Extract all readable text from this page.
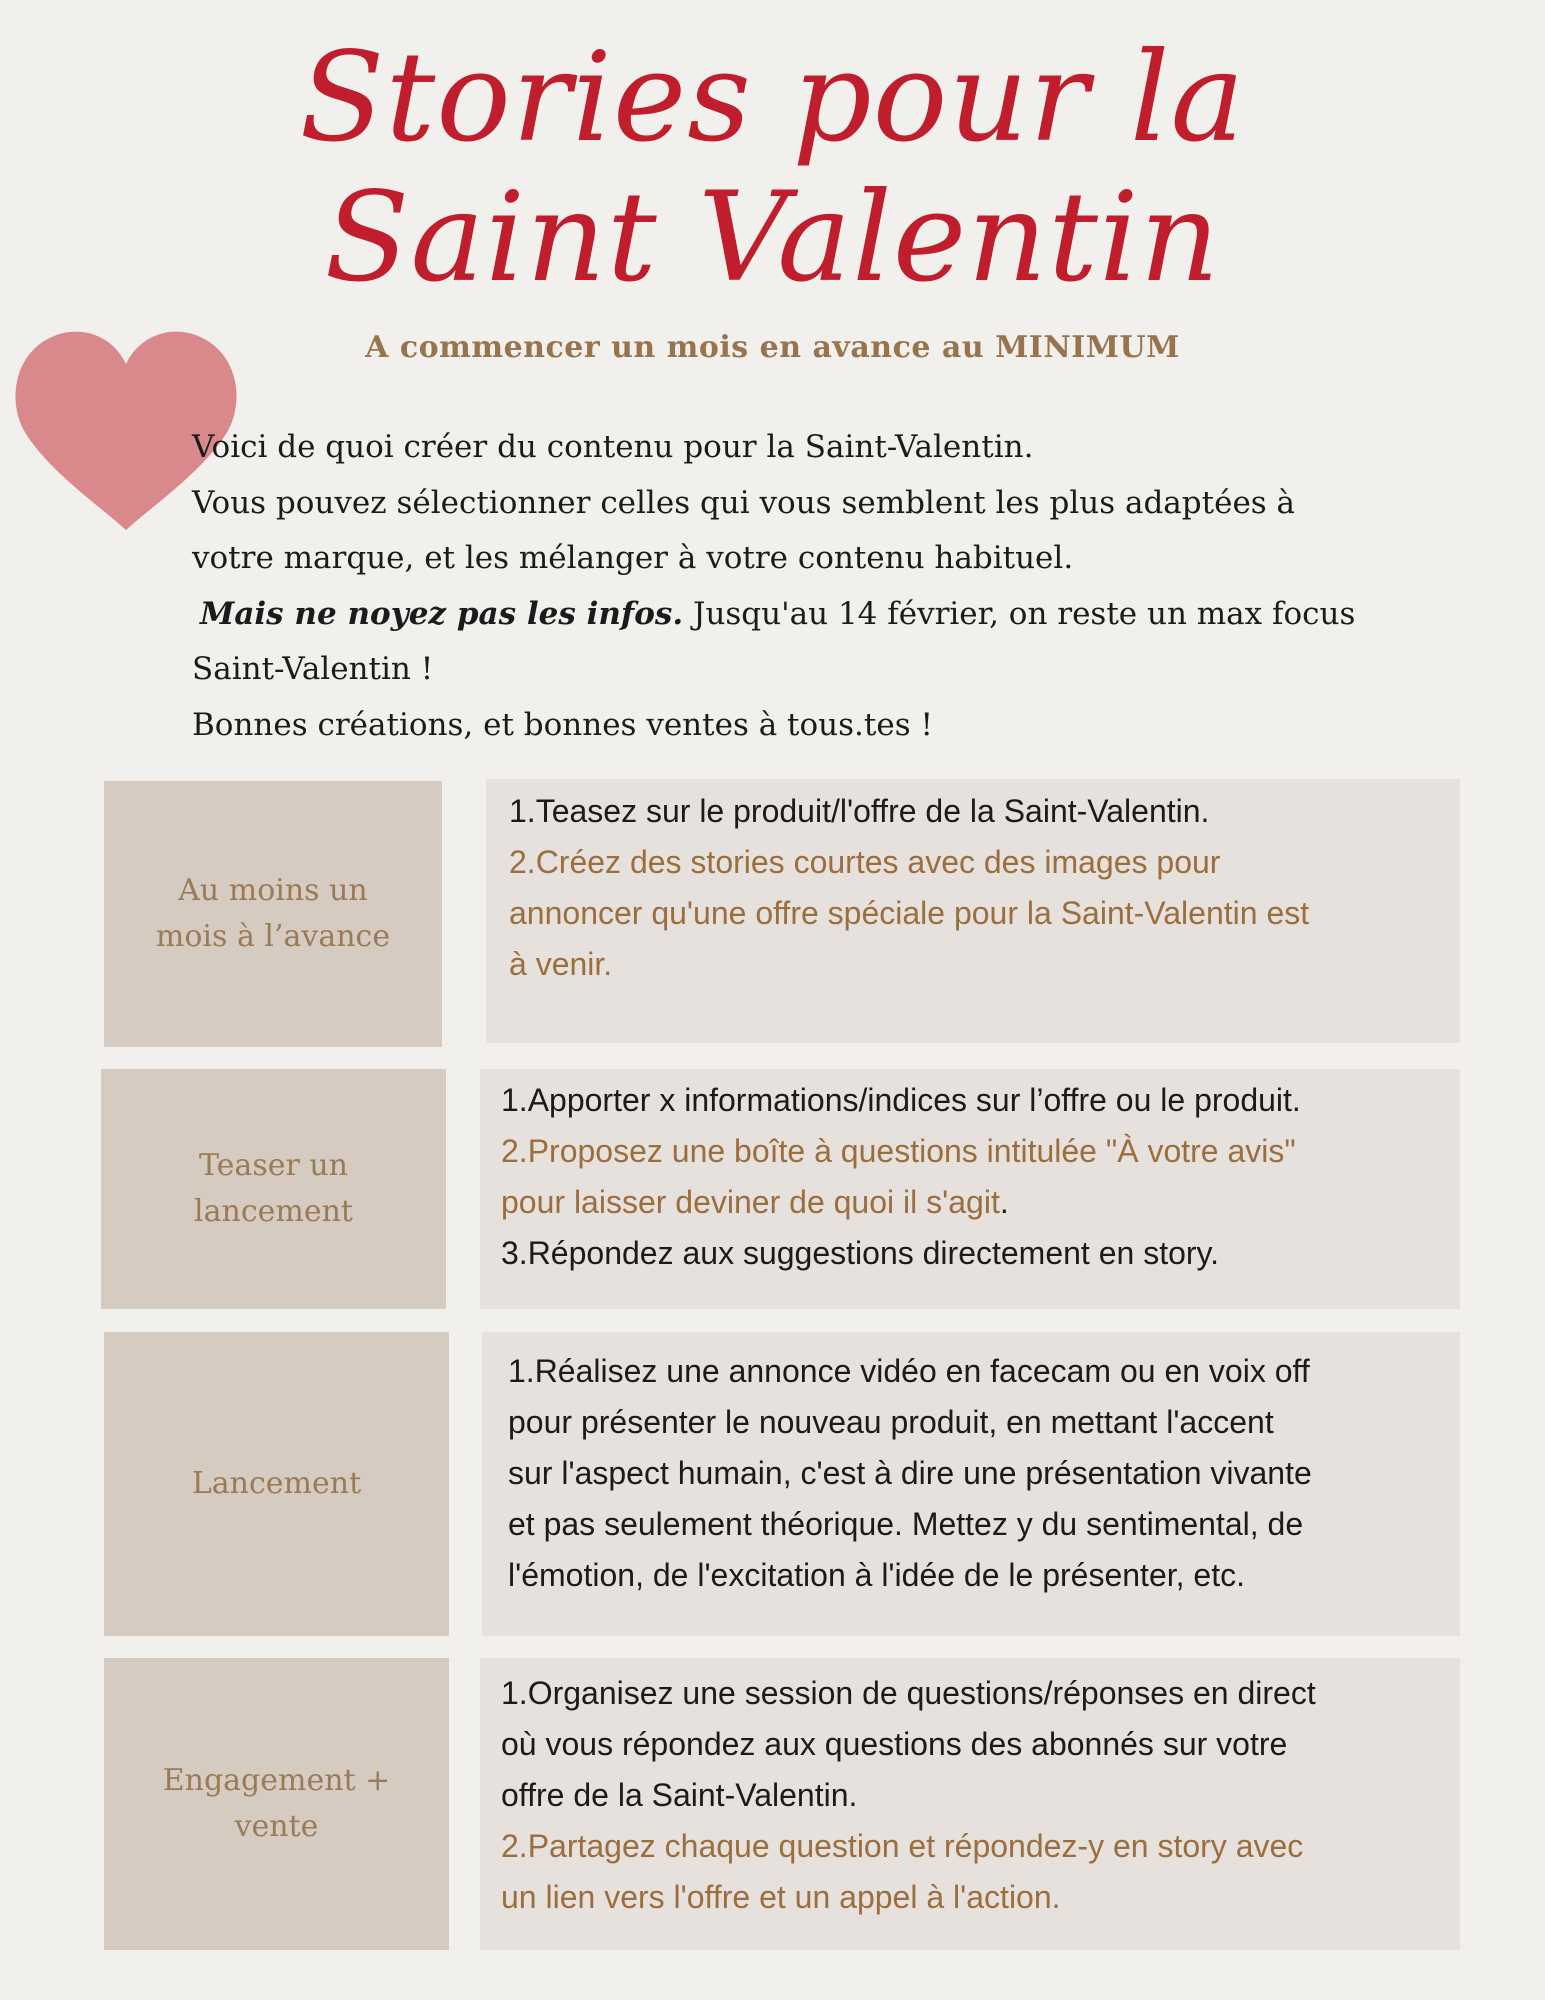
Stories pour la
Saint Valentin
A commencer un mois en avance au MINIMUM

Voici de quoi créer du contenu pour la Saint-Valentin.

Vous pouvez sélectionner celles qui vous semblent les plus adaptées à

votre marque, et les mélanger à votre contenu habituel.

Mais ne noyez pas les infos. Jusqu'au 14 février, on reste un max focus

Saint-Valentin !

Bonnes créations, et bonnes ventes à tous.tes !

Au moins un
mois à l’avance

1.Teasez sur le produit/l'offre de la Saint-Valentin.

2.Créez des stories courtes avec des images pour

annoncer qu'une offre spéciale pour la Saint-Valentin est

à venir.

Teaser un
lancement

1.Apporter x informations/indices sur l’offre ou le produit.

2.Proposez une boîte à questions intitulée "À votre avis"

pour laisser deviner de quoi il s'agit.

3.Répondez aux suggestions directement en story.

Lancement

1.Réalisez une annonce vidéo en facecam ou en voix off

pour présenter le nouveau produit, en mettant l'accent

sur l'aspect humain, c'est à dire une présentation vivante

et pas seulement théorique. Mettez y du sentimental, de

l'émotion, de l'excitation à l'idée de le présenter, etc.

Engagement +
vente

1.Organisez une session de questions/réponses en direct

où vous répondez aux questions des abonnés sur votre

offre de la Saint-Valentin.

2.Partagez chaque question et répondez-y en story avec

un lien vers l'offre et un appel à l'action.
